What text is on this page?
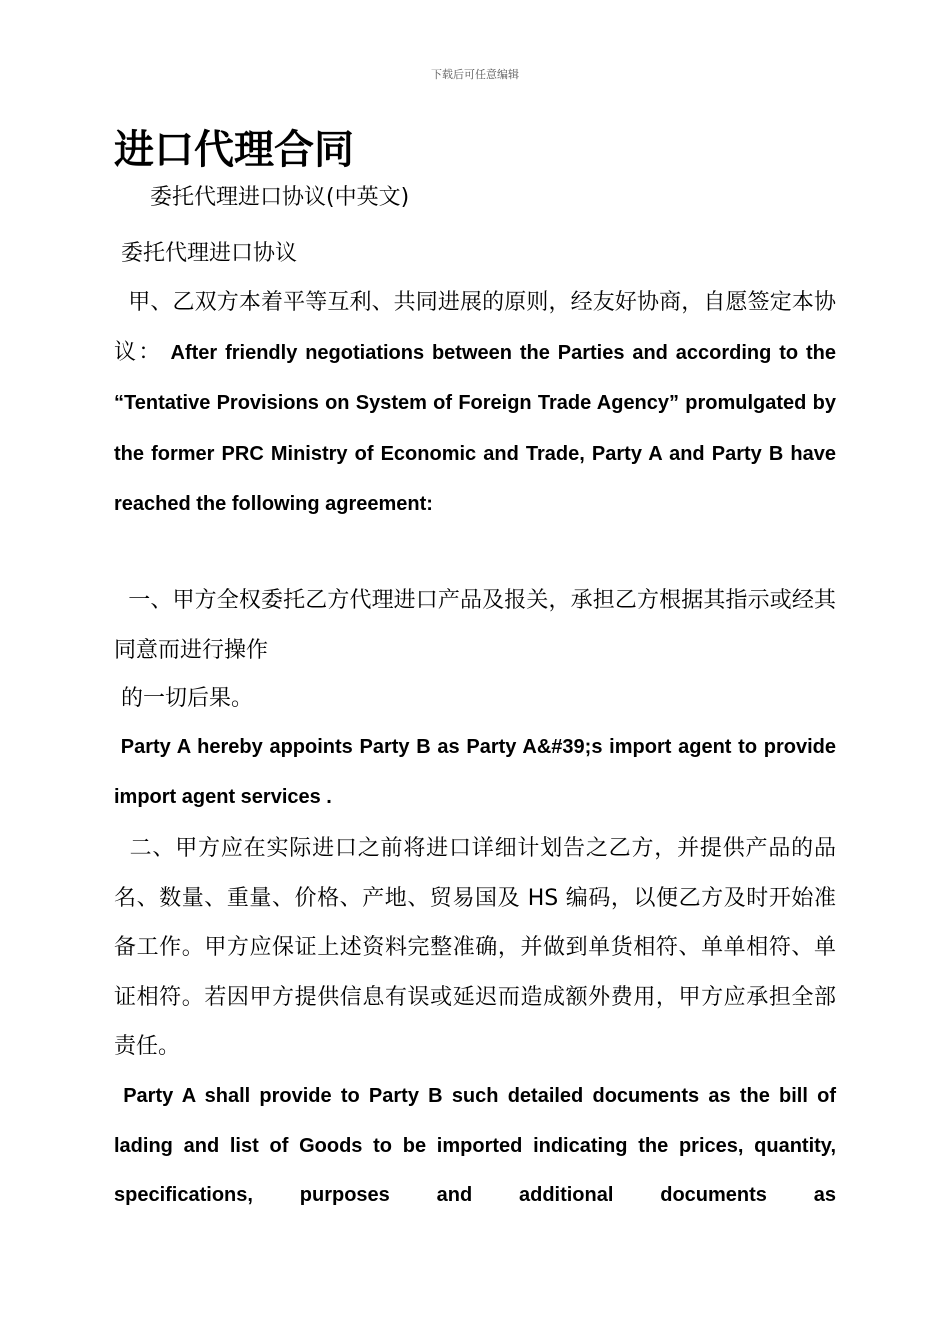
下载后可任意编辑
进口代理合同
委托代理进口协议(中英文)
委托代理进口协议
甲、乙双方本着平等互利、共同进展的原则，经友好协商，自愿签定本协议： After friendly negotiations between the Parties and according to the “Tentative Provisions on System of Foreign Trade Agency” promulgated by the former PRC Ministry of Economic and Trade, Party A and Party B have reached the following agreement:
一、甲方全权委托乙方代理进口产品及报关，承担乙方根据其指示或经其同意而进行操作
的一切后果。
Party A hereby appoints Party B as Party A&#39;s import agent to provide import agent services .
二、甲方应在实际进口之前将进口详细计划告之乙方，并提供产品的品名、数量、重量、价格、产地、贸易国及 HS 编码，以便乙方及时开始准备工作。甲方应保证上述资料完整准确，并做到单货相符、单单相符、单证相符。若因甲方提供信息有误或延迟而造成额外费用，甲方应承担全部责任。
Party A shall provide to Party B such detailed documents as the bill of lading and list of Goods to be imported indicating the prices, quantity, specifications, purposes and additional documents as
